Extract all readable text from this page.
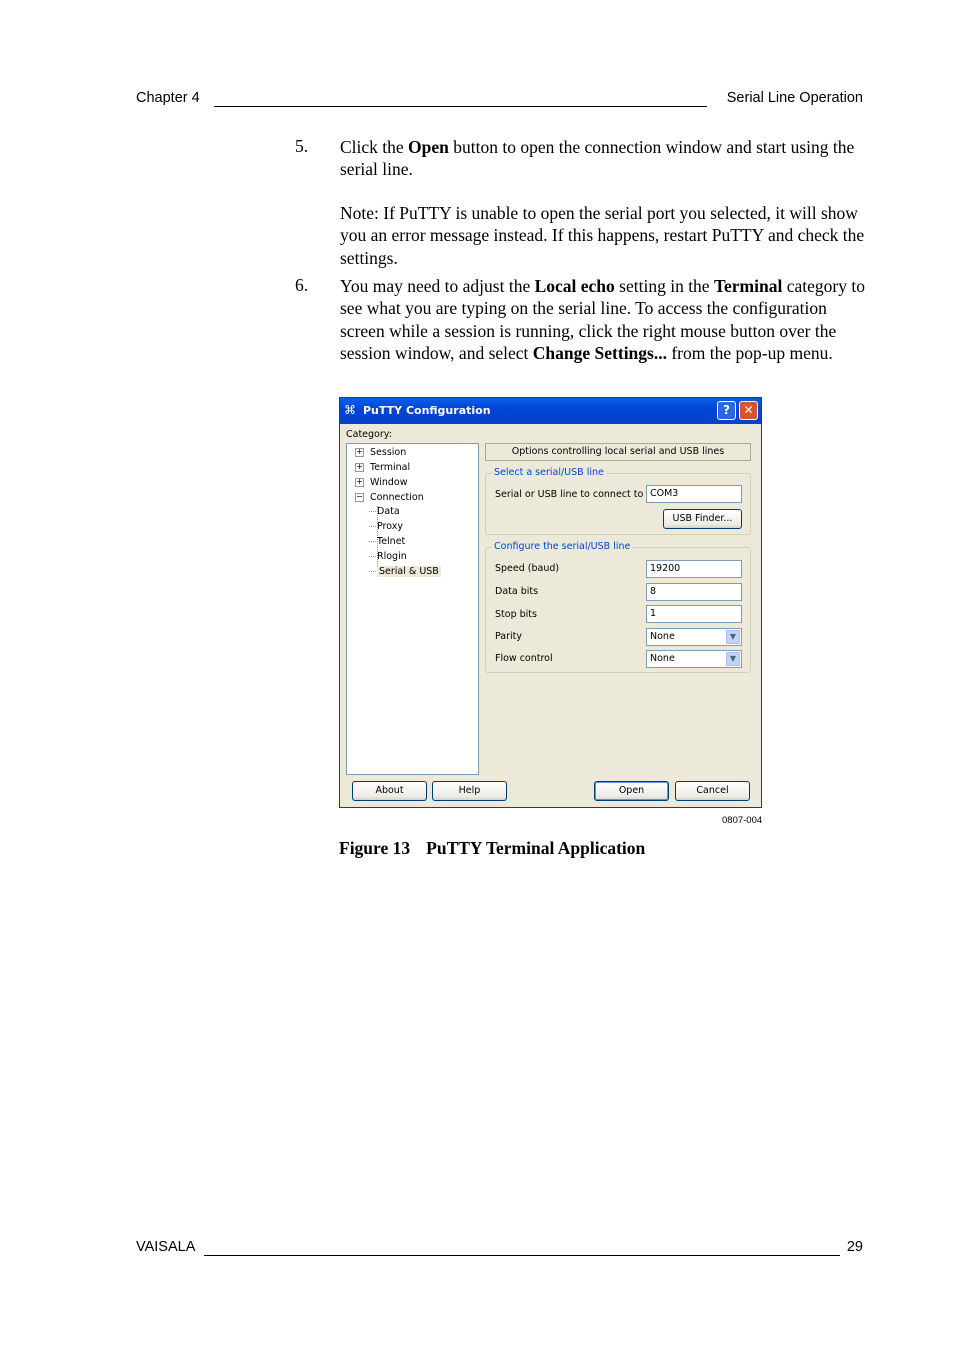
Chapter 4	Serial Line Operation
5. Click the Open button to open the connection window and start using the serial line.
Note: If PuTTY is unable to open the serial port you selected, it will show you an error message instead. If this happens, restart PuTTY and check the settings.
6. You may need to adjust the Local echo setting in the Terminal category to see what you are typing on the serial line. To access the configuration screen while a session is running, click the right mouse button over the session window, and select Change Settings... from the pop-up menu.
⌘ PuTTY Configuration	?	✕
Category:
+ Session
+ Terminal
+ Window
− Connection
Data
Proxy
Telnet
Rlogin
Serial & USB
Options controlling local serial and USB lines
Select a serial/USB line
Serial or USB line to connect to COM3
USB Finder...
Configure the serial/USB line
Speed (baud)	19200
Data bits	8
Stop bits	1
Parity	None	▼
Flow control	None	▼
About	Help	Open	Cancel
0807-004
Figure 13 PuTTY Terminal Application
VAISALA	29
